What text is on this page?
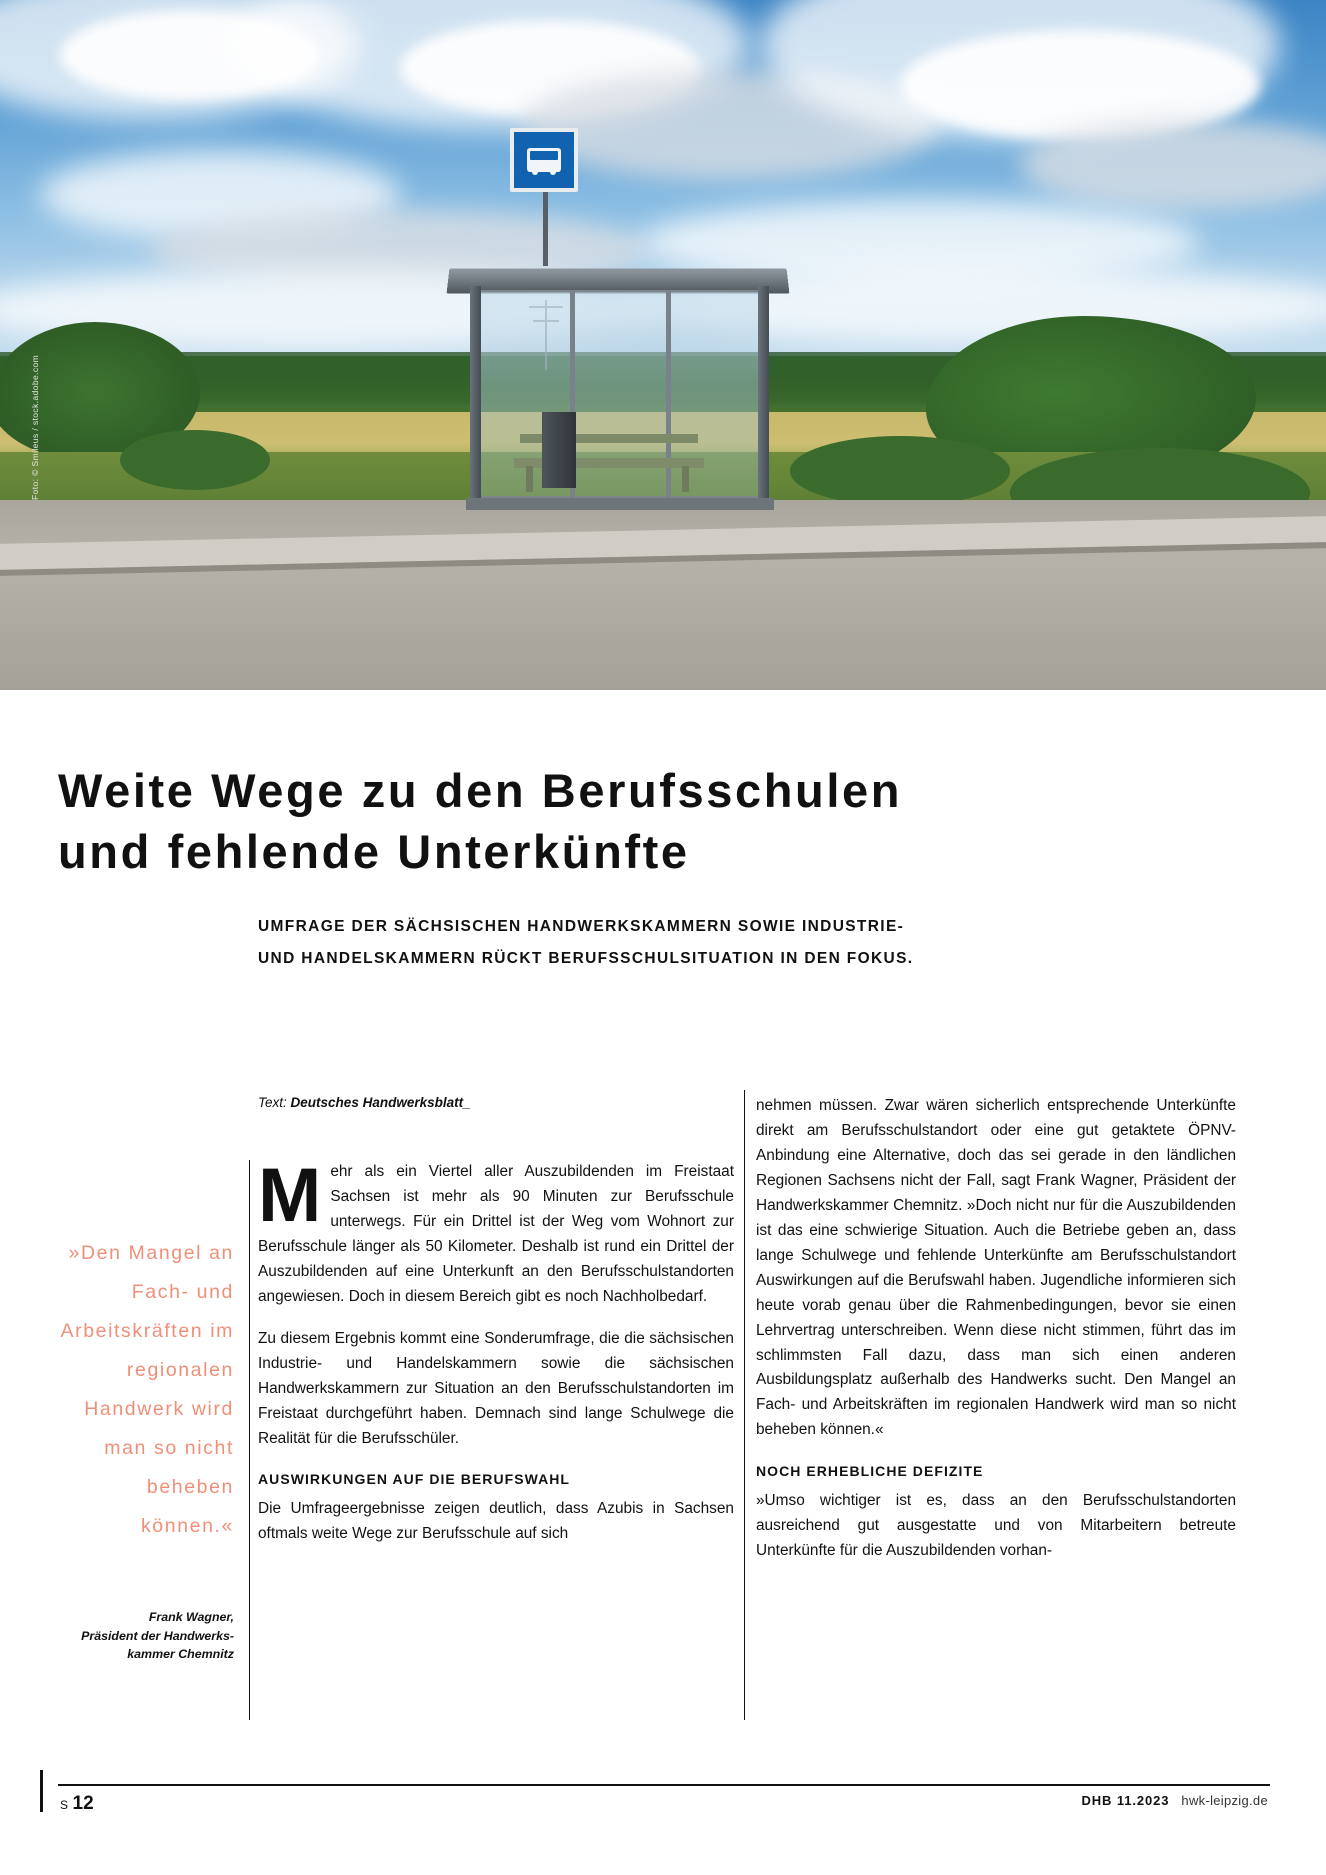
Foto: © Smileus / stock.adobe.com
Weite Wege zu den Berufsschulen
und fehlende Unterkünfte
UMFRAGE DER SÄCHSISCHEN HANDWERKSKAMMERN SOWIE INDUSTRIE-
UND HANDELSKAMMERN RÜCKT BERUFSSCHULSITUATION IN DEN FOKUS.
Text: Deutsches Handwerksblatt_
»Den Mangel an Fach- und Arbeitskräften im regionalen Handwerk wird man so nicht beheben können.«
Frank Wagner,
Präsident der Handwerks-
kammer Chemnitz

Mehr als ein Viertel aller Auszubildenden im Freistaat Sachsen ist mehr als 90 Minuten zur Berufsschule unterwegs. Für ein Drittel ist der Weg vom Wohnort zur Berufsschule länger als 50 Kilometer. Deshalb ist rund ein Drittel der Auszubildenden auf eine Unterkunft an den Berufsschulstandorten angewiesen. Doch in diesem Bereich gibt es noch Nachholbedarf.

Zu diesem Ergebnis kommt eine Sonderumfrage, die die sächsischen Industrie- und Handelskammern sowie die sächsischen Handwerkskammern zur Situation an den Berufsschulstandorten im Freistaat durchgeführt haben. Demnach sind lange Schulwege die Realität für die Berufsschüler.

AUSWIRKUNGEN AUF DIE BERUFSWAHL

Die Umfrageergebnisse zeigen deutlich, dass Azubis in Sachsen oftmals weite Wege zur Berufsschule auf sich

nehmen müssen. Zwar wären sicherlich entsprechende Unterkünfte direkt am Berufsschulstandort oder eine gut getaktete ÖPNV-Anbindung eine Alternative, doch das sei gerade in den ländlichen Regionen Sachsens nicht der Fall, sagt Frank Wagner, Präsident der Handwerkskammer Chemnitz. »Doch nicht nur für die Auszubildenden ist das eine schwierige Situation. Auch die Betriebe geben an, dass lange Schulwege und fehlende Unterkünfte am Berufsschulstandort Auswirkungen auf die Berufswahl haben. Jugendliche informieren sich heute vorab genau über die Rahmenbedingungen, bevor sie einen Lehrvertrag unterschreiben. Wenn diese nicht stimmen, führt das im schlimmsten Fall dazu, dass man sich einen anderen Ausbildungsplatz außerhalb des Handwerks sucht. Den Mangel an Fach- und Arbeitskräften im regionalen Handwerk wird man so nicht beheben können.«

NOCH ERHEBLICHE DEFIZITE

»Umso wichtiger ist es, dass an den Berufsschulstandorten ausreichend gut ausgestatte und von Mitarbeitern betreute Unterkünfte für die Auszubildenden vorhan-

S 12	DHB 11.2023 hwk-leipzig.de
